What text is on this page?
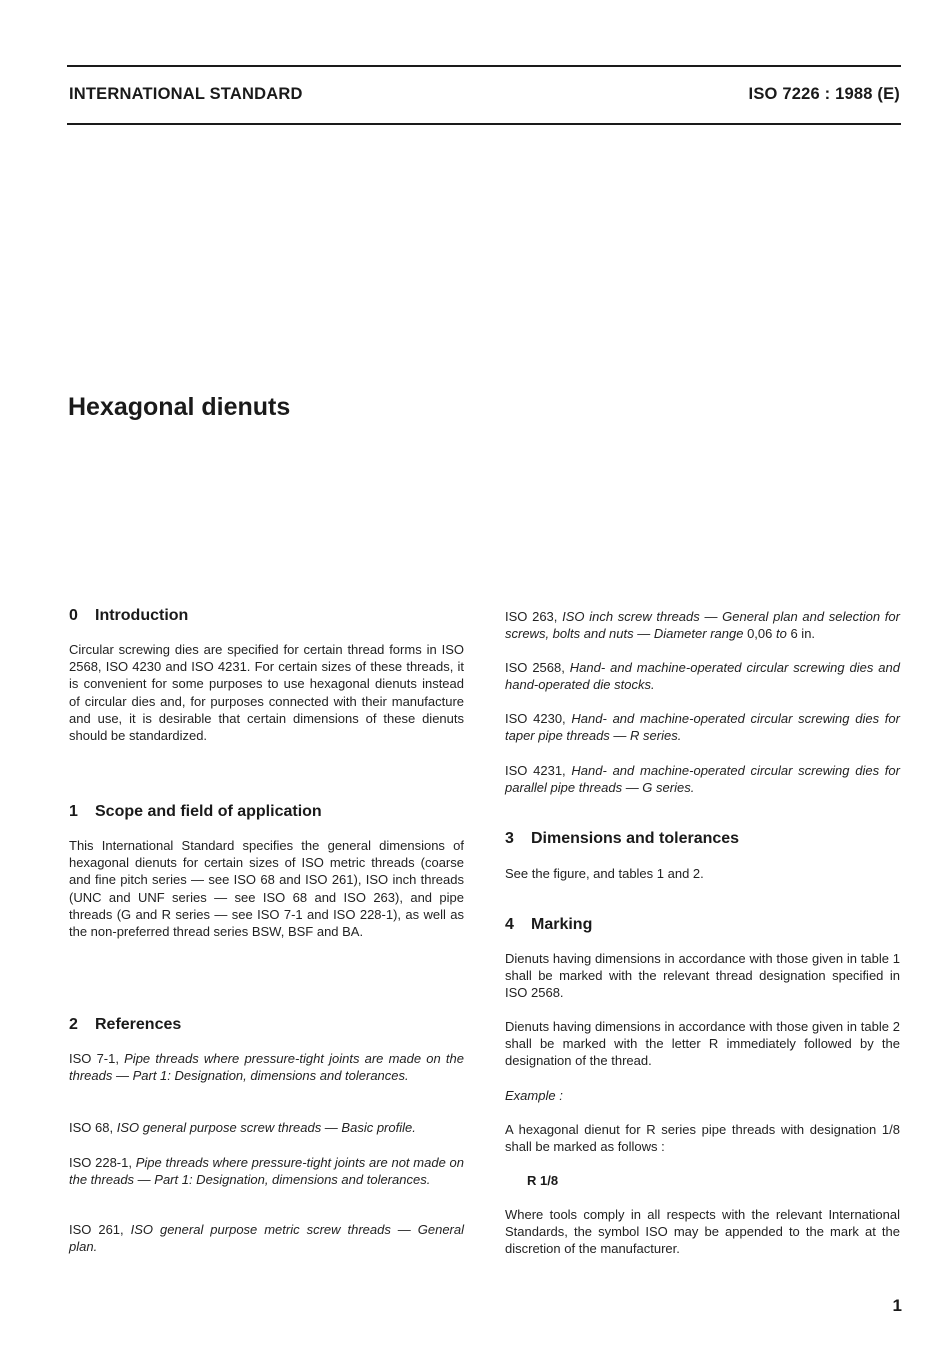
INTERNATIONAL STANDARD	ISO 7226 : 1988 (E)
Hexagonal dienuts
0 Introduction

Circular screwing dies are specified for certain thread forms in ISO 2568, ISO 4230 and ISO 4231. For certain sizes of these threads, it is convenient for some purposes to use hexagonal dienuts instead of circular dies and, for purposes connected with their manufacture and use, it is desirable that certain dimensions of these dienuts should be standardized.

1 Scope and field of application

This International Standard specifies the general dimensions of hexagonal dienuts for certain sizes of ISO metric threads (coarse and fine pitch series — see ISO 68 and ISO 261), ISO inch threads (UNC and UNF series — see ISO 68 and ISO 263), and pipe threads (G and R series — see ISO 7-1 and ISO 228-1), as well as the non-preferred thread series BSW, BSF and BA.

2 References

ISO 7-1, Pipe threads where pressure-tight joints are made on the threads — Part 1: Designation, dimensions and tolerances.

ISO 68, ISO general purpose screw threads — Basic profile.

ISO 228-1, Pipe threads where pressure-tight joints are not made on the threads — Part 1: Designation, dimensions and tolerances.

ISO 261, ISO general purpose metric screw threads — General plan.

ISO 263, ISO inch screw threads — General plan and selection for screws, bolts and nuts — Diameter range 0,06 to 6 in.

ISO 2568, Hand- and machine-operated circular screwing dies and hand-operated die stocks.

ISO 4230, Hand- and machine-operated circular screwing dies for taper pipe threads — R series.

ISO 4231, Hand- and machine-operated circular screwing dies for parallel pipe threads — G series.

3 Dimensions and tolerances

See the figure, and tables 1 and 2.

4 Marking

Dienuts having dimensions in accordance with those given in table 1 shall be marked with the relevant thread designation specified in ISO 2568.

Dienuts having dimensions in accordance with those given in table 2 shall be marked with the letter R immediately followed by the designation of the thread.

Example :

A hexagonal dienut for R series pipe threads with designation 1/8 shall be marked as follows :

R 1/8

Where tools comply in all respects with the relevant International Standards, the symbol ISO may be appended to the mark at the discretion of the manufacturer.

1
